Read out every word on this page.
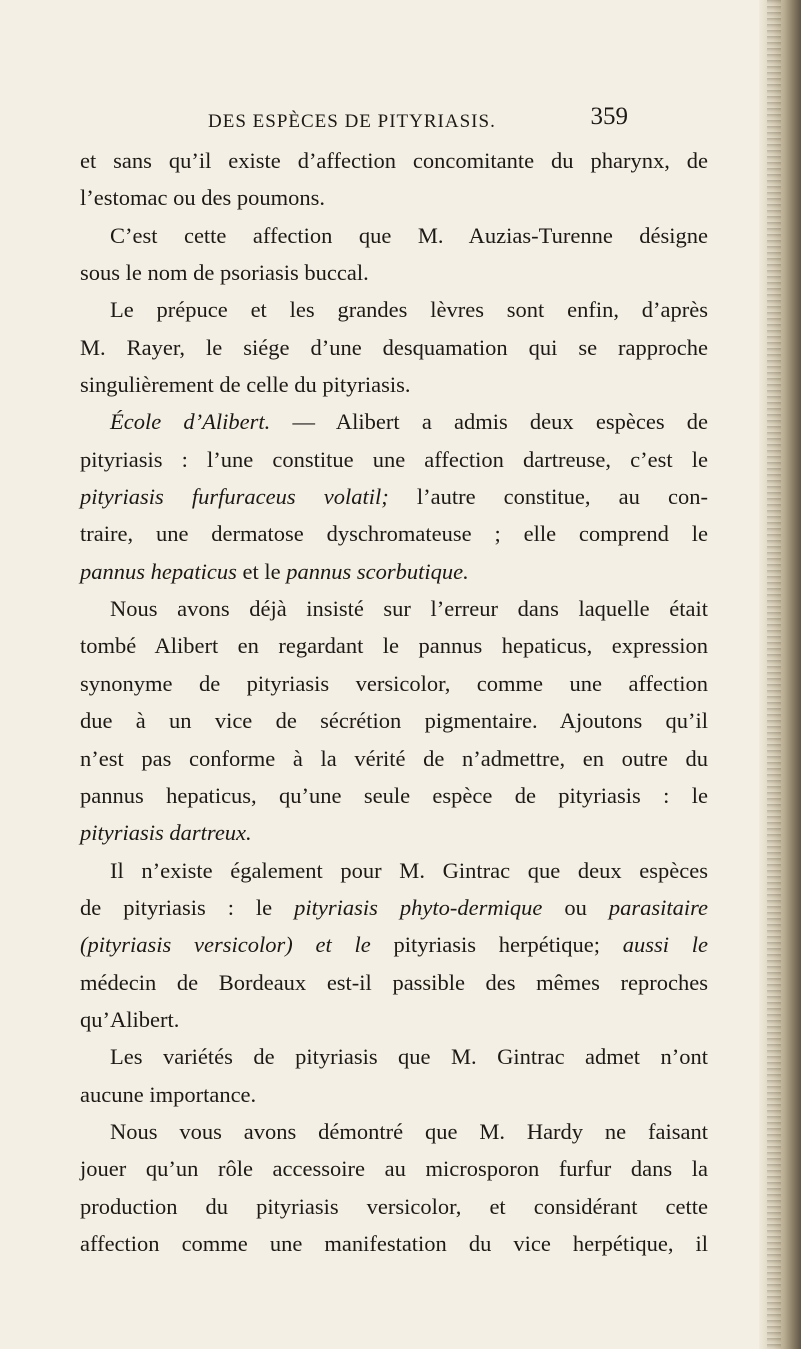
DES ESPÈCES DE PITYRIASIS.	359
et sans qu’il existe d’affection concomitante du pharynx, de
l’estomac ou des poumons.
C’est cette affection que M. Auzias-Turenne désigne
sous le nom de psoriasis buccal.
Le prépuce et les grandes lèvres sont enfin, d’après
M. Rayer, le siége d’une desquamation qui se rapproche
singulièrement de celle du pityriasis.
École d’Alibert. — Alibert a admis deux espèces de
pityriasis : l’une constitue une affection dartreuse, c’est le
pityriasis furfuraceus volatil; l’autre constitue, au con-
traire, une dermatose dyschromateuse ; elle comprend le
pannus hepaticus et le pannus scorbutique.
Nous avons déjà insisté sur l’erreur dans laquelle était
tombé Alibert en regardant le pannus hepaticus, expression
synonyme de pityriasis versicolor, comme une affection
due à un vice de sécrétion pigmentaire. Ajoutons qu’il
n’est pas conforme à la vérité de n’admettre, en outre du
pannus hepaticus, qu’une seule espèce de pityriasis : le
pityriasis dartreux.
Il n’existe également pour M. Gintrac que deux espèces
de pityriasis : le pityriasis phyto-dermique ou parasitaire
(pityriasis versicolor) et le pityriasis herpétique; aussi le
médecin de Bordeaux est-il passible des mêmes reproches
qu’Alibert.
Les variétés de pityriasis que M. Gintrac admet n’ont
aucune importance.
Nous vous avons démontré que M. Hardy ne faisant
jouer qu’un rôle accessoire au microsporon furfur dans la
production du pityriasis versicolor, et considérant cette
affection comme une manifestation du vice herpétique, il
